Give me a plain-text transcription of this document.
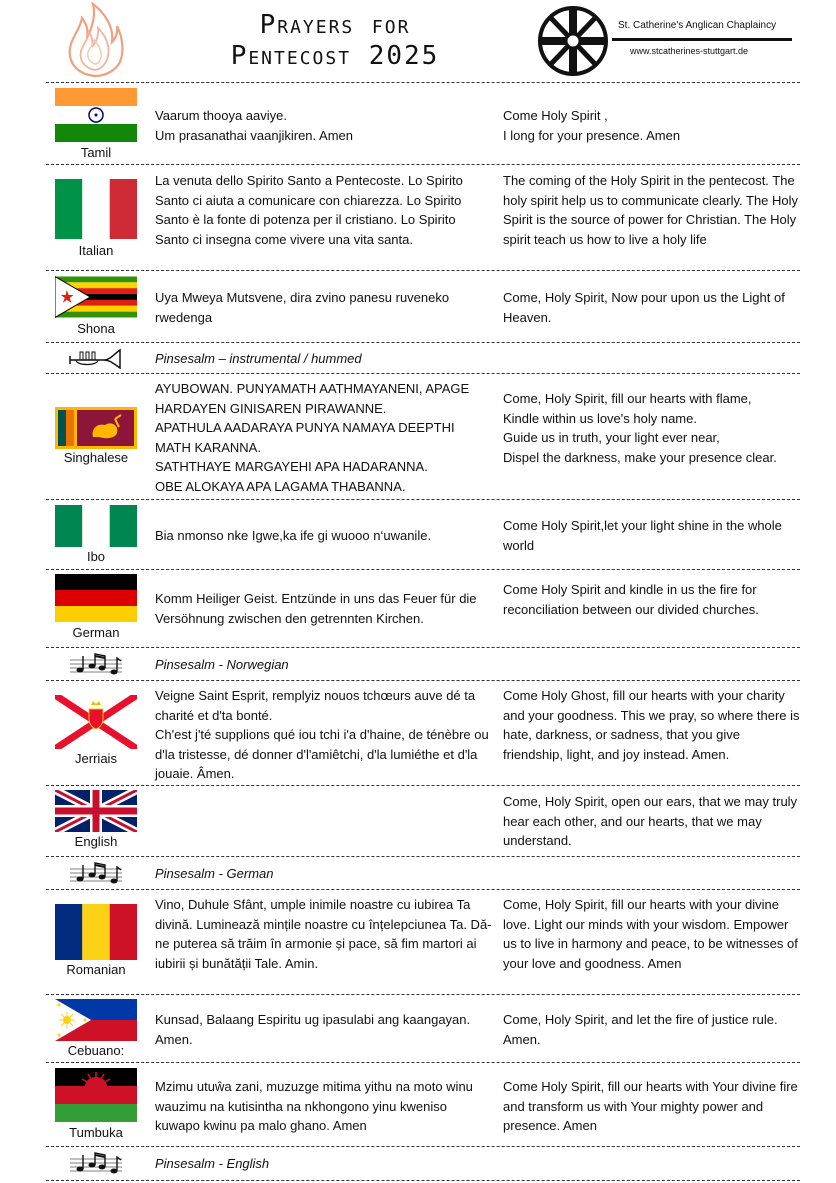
Prayers for
Pentecost 2025
St. Catherine's Anglican Chaplaincy
www.stcatherines-stuttgart.de
Tamil
Vaarum thooya aaviye.
Um prasanathai vaanjikiren. Amen
Come Holy Spirit ,
I long for your presence. Amen
Italian
La venuta dello Spirito Santo a Pentecoste. Lo Spirito Santo ci aiuta a comunicare con chiarezza. Lo Spirito Santo è la fonte di potenza per il cristiano. Lo Spirito Santo ci insegna come vivere una vita santa.
The coming of the Holy Spirit in the pentecost. The holy spirit help us to communicate clearly. The Holy Spirit is the source of power for Christian. The Holy spirit teach us how to live a holy life
Shona
Uya Mweya Mutsvene, dira zvino panesu ruveneko rwedenga
Come, Holy Spirit, Now pour upon us the Light of Heaven.
Pinsesalm – instrumental / hummed
Singhalese
AYUBOWAN. PUNYAMATH AATHMAYANENI, APAGE HARDAYEN GINISAREN PIRAWANNE.
APATHULA AADARAYA PUNYA NAMAYA DEEPTHI MATH KARANNA.
SATHTHAYE MARGAYEHI APA HADARANNA.
OBE ALOKAYA APA LAGAMA THABANNA.
Come, Holy Spirit, fill our hearts with flame,
Kindle within us love's holy name.
Guide us in truth, your light ever near,
Dispel the darkness, make your presence clear.
Ibo
Bia nmonso nke Igwe,ka ife gi wuooo n‘uwanile.
Come Holy Spirit,let your light shine in the whole world
German
Komm Heiliger Geist. Entzünde in uns das Feuer für die Versöhnung zwischen den getrennten Kirchen.
Come Holy Spirit and kindle in us the fire for reconciliation between our divided churches.
Pinsesalm - Norwegian
Jerriais
Veigne Saint Esprit, remplyiz nouos tchœurs auve dé ta charité et d'ta bonté.
Ch'est j'té supplions qué iou tchi i'a d'haine, de ténèbre ou d'la tristesse, dé donner d'l'amiêtchi, d'la lumiéthe et d'la jouaie. Âmen.
Come Holy Ghost, fill our hearts with your charity and your goodness. This we pray, so where there is hate, darkness, or sadness, that you give friendship, light, and joy instead. Amen.
English
Come, Holy Spirit, open our ears, that we may truly hear each other, and our hearts, that we may understand.
Pinsesalm - German
Romanian
Vino, Duhule Sfânt, umple inimile noastre cu iubirea Ta divină. Luminează mințile noastre cu înțelepciunea Ta. Dă-ne puterea să trăim în armonie și pace, să fim martori ai iubirii și bunătății Tale. Amin.
Come, Holy Spirit, fill our hearts with your divine love. Light our minds with your wisdom. Empower us to live in harmony and peace, to be witnesses of your love and goodness. Amen
Cebuano:
Kunsad, Balaang Espiritu ug ipasulabi ang kaangayan. Amen.
Come, Holy Spirit, and let the fire of justice rule. Amen.
Tumbuka
Mzimu utuŵa zani, muzuzge mitima yithu na moto winu wauzimu na kutisintha na nkhongono yinu kweniso kuwapo kwinu pa malo ghano. Amen
Come Holy Spirit, fill our hearts with Your divine fire and transform us with Your mighty power and presence. Amen
Pinsesalm - English
